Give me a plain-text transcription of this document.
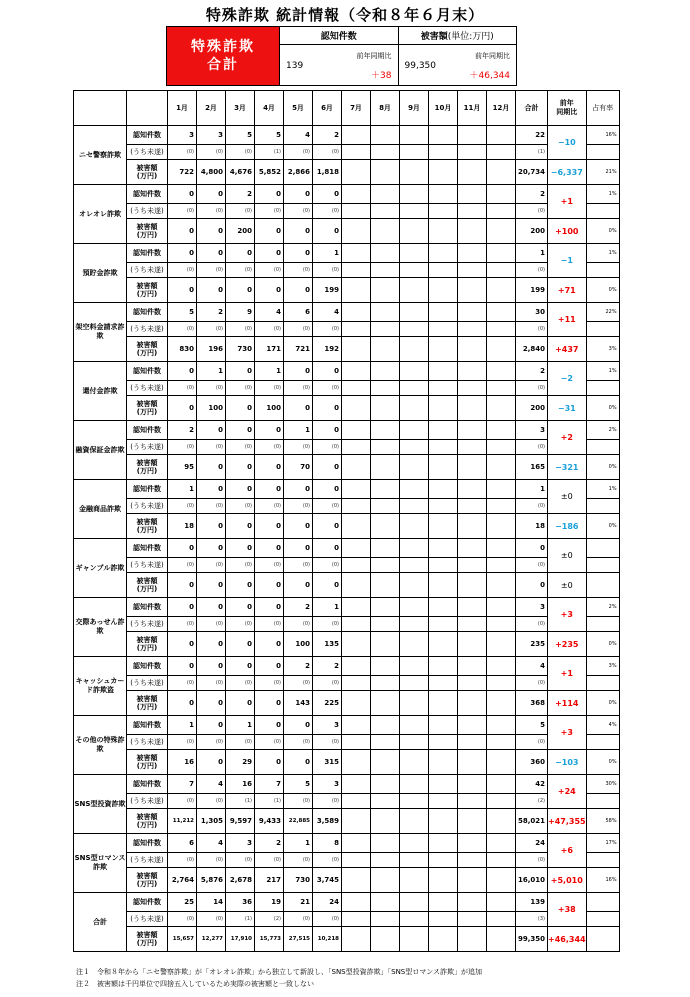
特殊詐欺 統計情報（令和８年６月末）
特殊詐欺
合計
認知件数
139
前年同期比
＋38
被害額(単位:万円)
99,350
前年同期比
＋46,344
		1月	2月	3月	4月	5月	6月	7月	8月	9月	10月	11月	12月	合計	前年
同期比	占有率
ニセ警察詐欺	認知件数	3	3	5	5	4	2							22	−10	16%
	(うち未遂)	(0)	(0)	(0)	(1)	(0)	(0)							(1)		
	被害額
(万円)	722	4,800	4,676	5,852	2,866	1,818							20,734	−6,337	21%
オレオレ詐欺	認知件数	0	0	2	0	0	0							2	+1	1%
	(うち未遂)	(0)	(0)	(0)	(0)	(0)	(0)							(0)		
	被害額
(万円)	0	0	200	0	0	0							200	+100	0%
預貯金詐欺	認知件数	0	0	0	0	0	1							1	−1	1%
	(うち未遂)	(0)	(0)	(0)	(0)	(0)	(0)							(0)		
	被害額
(万円)	0	0	0	0	0	199							199	+71	0%
架空料金請求詐欺	認知件数	5	2	9	4	6	4							30	+11	22%
	(うち未遂)	(0)	(0)	(0)	(0)	(0)	(0)							(0)		
	被害額
(万円)	830	196	730	171	721	192							2,840	+437	3%
還付金詐欺	認知件数	0	1	0	1	0	0							2	−2	1%
	(うち未遂)	(0)	(0)	(0)	(0)	(0)	(0)							(0)		
	被害額
(万円)	0	100	0	100	0	0							200	−31	0%
融資保証金詐欺	認知件数	2	0	0	0	1	0							3	+2	2%
	(うち未遂)	(0)	(0)	(0)	(0)	(0)	(0)							(0)		
	被害額
(万円)	95	0	0	0	70	0							165	−321	0%
金融商品詐欺	認知件数	1	0	0	0	0	0							1	±0	1%
	(うち未遂)	(0)	(0)	(0)	(0)	(0)	(0)							(0)		
	被害額
(万円)	18	0	0	0	0	0							18	−186	0%
ギャンブル詐欺	認知件数	0	0	0	0	0	0							0	±0	
	(うち未遂)	(0)	(0)	(0)	(0)	(0)	(0)							(0)		
	被害額
(万円)	0	0	0	0	0	0							0	±0	
交際あっせん詐欺	認知件数	0	0	0	0	2	1							3	+3	2%
	(うち未遂)	(0)	(0)	(0)	(0)	(0)	(0)							(0)		
	被害額
(万円)	0	0	0	0	100	135							235	+235	0%
キャッシュカード詐欺盗	認知件数	0	0	0	0	2	2							4	+1	3%
	(うち未遂)	(0)	(0)	(0)	(0)	(0)	(0)							(0)		
	被害額
(万円)	0	0	0	0	143	225							368	+114	0%
その他の特殊詐欺	認知件数	1	0	1	0	0	3							5	+3	4%
	(うち未遂)	(0)	(0)	(0)	(0)	(0)	(0)							(0)		
	被害額
(万円)	16	0	29	0	0	315							360	−103	0%
SNS型投資詐欺	認知件数	7	4	16	7	5	3							42	+24	30%
	(うち未遂)	(0)	(0)	(1)	(1)	(0)	(0)							(2)		
	被害額
(万円)	11,212	1,305	9,597	9,433	22,885	3,589							58,021	+47,355	58%
SNS型ロマンス詐欺	認知件数	6	4	3	2	1	8							24	+6	17%
	(うち未遂)	(0)	(0)	(0)	(0)	(0)	(0)							(0)		
	被害額
(万円)	2,764	5,876	2,678	217	730	3,745							16,010	+5,010	16%
合計	認知件数	25	14	36	19	21	24							139	+38	
	(うち未遂)	(0)	(0)	(1)	(2)	(0)	(0)							(3)		
	被害額
(万円)	15,657	12,277	17,910	15,773	27,515	10,218							99,350	+46,344	
注１　令和８年から「ニセ警察詐欺」が「オレオレ詐欺」から独立して新設し、「SNS型投資詐欺」「SNS型ロマンス詐欺」が追加
注２　被害額は千円単位で四捨五入しているため実際の被害額と一致しない
